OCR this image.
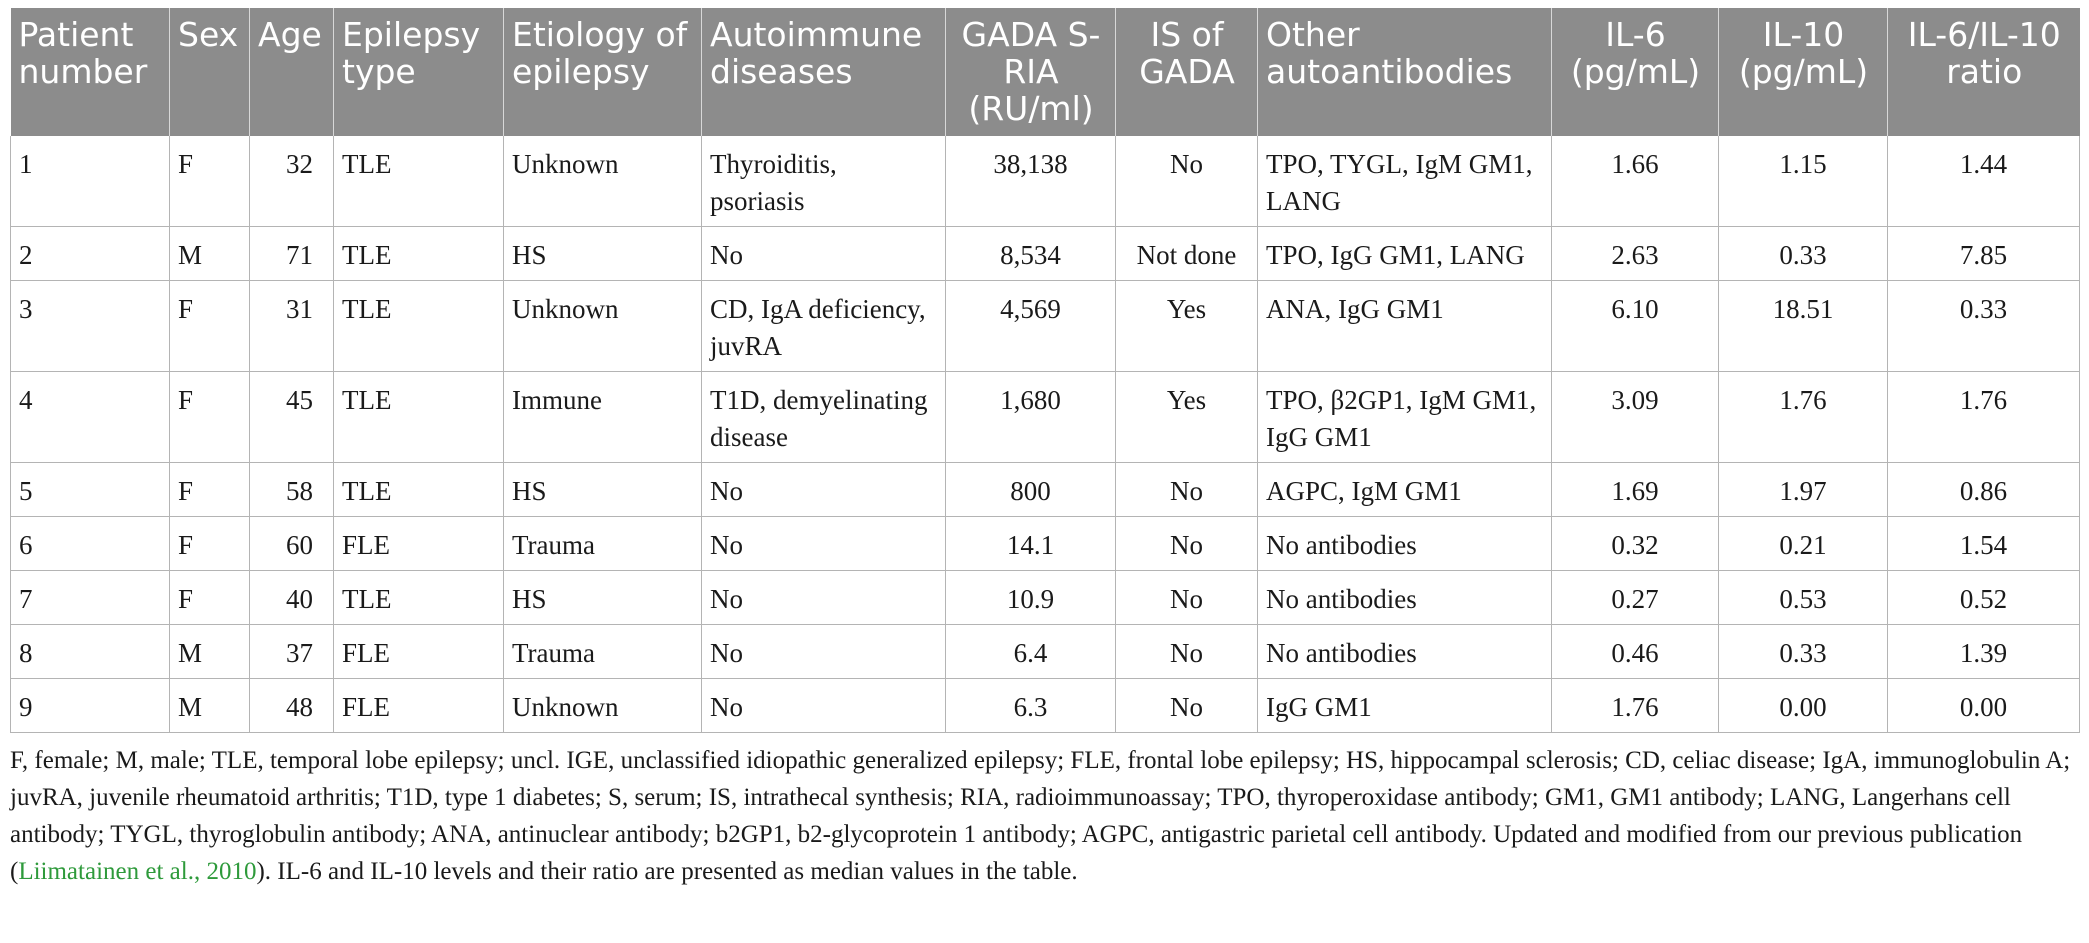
Patient number	Sex	Age	Epilepsy type	Etiology of epilepsy	Autoimmune diseases	GADA S-RIA (RU/ml)	IS of GADA	Other autoantibodies	IL-6 (pg/mL)	IL-10 (pg/mL)	IL-6/IL-10 ratio
1	F	32	TLE	Unknown	Thyroiditis, psoriasis	38,138	No	TPO, TYGL, IgM GM1, LANG	1.66	1.15	1.44
2	M	71	TLE	HS	No	8,534	Not done	TPO, IgG GM1, LANG	2.63	0.33	7.85
3	F	31	TLE	Unknown	CD, IgA deficiency, juvRA	4,569	Yes	ANA, IgG GM1	6.10	18.51	0.33
4	F	45	TLE	Immune	T1D, demyelinating disease	1,680	Yes	TPO, β2GP1, IgM GM1, IgG GM1	3.09	1.76	1.76
5	F	58	TLE	HS	No	800	No	AGPC, IgM GM1	1.69	1.97	0.86
6	F	60	FLE	Trauma	No	14.1	No	No antibodies	0.32	0.21	1.54
7	F	40	TLE	HS	No	10.9	No	No antibodies	0.27	0.53	0.52
8	M	37	FLE	Trauma	No	6.4	No	No antibodies	0.46	0.33	1.39
9	M	48	FLE	Unknown	No	6.3	No	IgG GM1	1.76	0.00	0.00
F, female; M, male; TLE, temporal lobe epilepsy; uncl. IGE, unclassified idiopathic generalized epilepsy; FLE, frontal lobe epilepsy; HS, hippocampal sclerosis; CD, celiac disease; IgA, immunoglobulin A; juvRA, juvenile rheumatoid arthritis; T1D, type 1 diabetes; S, serum; IS, intrathecal synthesis; RIA, radioimmunoassay; TPO, thyroperoxidase antibody; GM1, GM1 antibody; LANG, Langerhans cell antibody; TYGL, thyroglobulin antibody; ANA, antinuclear antibody; b2GP1, b2-glycoprotein 1 antibody; AGPC, antigastric parietal cell antibody. Updated and modified from our previous publication (Liimatainen et al., 2010). IL-6 and IL-10 levels and their ratio are presented as median values in the table.
